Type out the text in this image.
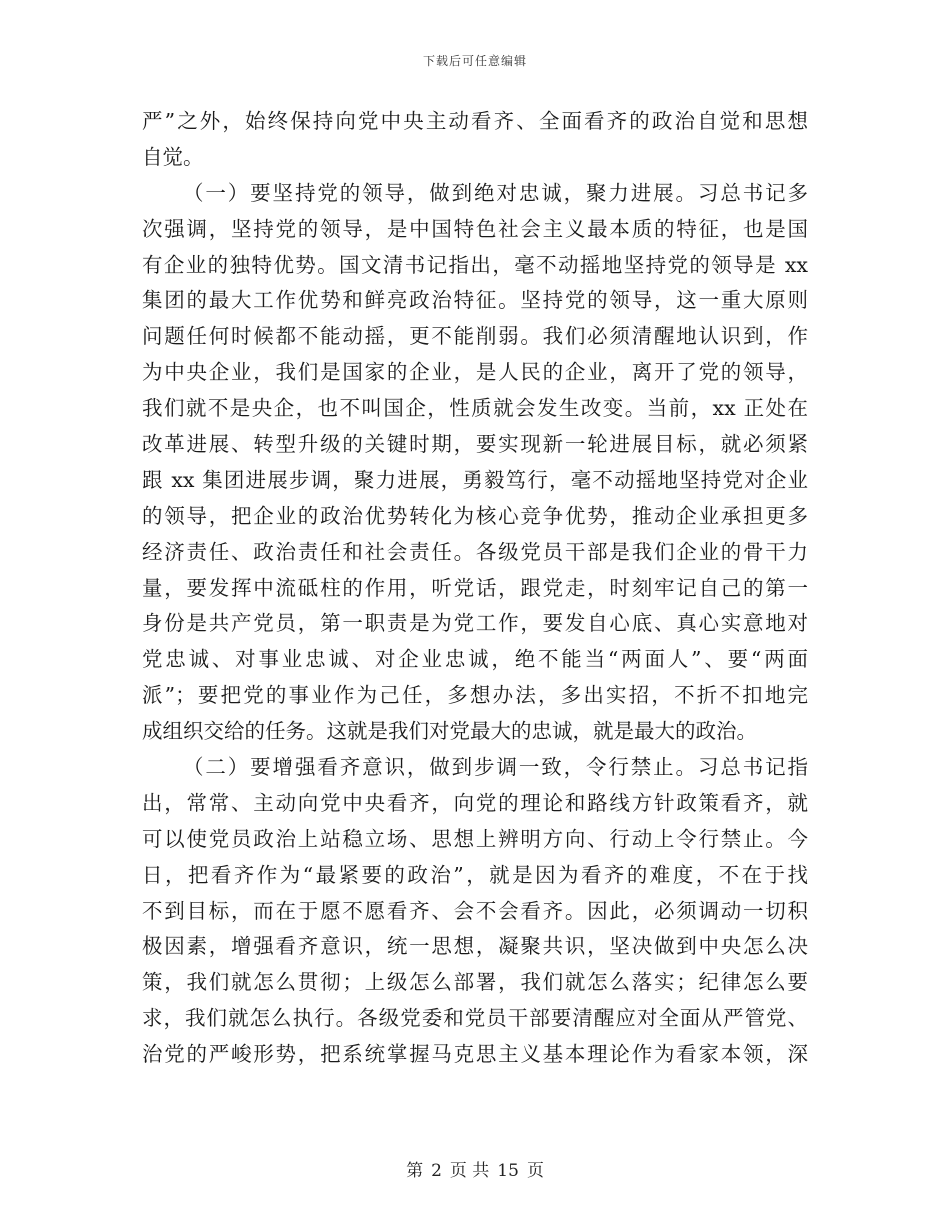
下载后可任意编辑
严”之外，始终保持向党中央主动看齐、全面看齐的政治自觉和思想
自觉。
（一）要坚持党的领导，做到绝对忠诚，聚力进展。习总书记多
次强调，坚持党的领导，是中国特色社会主义最本质的特征，也是国
有企业的独特优势。国文清书记指出，毫不动摇地坚持党的领导是 xx
集团的最大工作优势和鲜亮政治特征。坚持党的领导，这一重大原则
问题任何时候都不能动摇，更不能削弱。我们必须清醒地认识到，作
为中央企业，我们是国家的企业，是人民的企业，离开了党的领导，
我们就不是央企，也不叫国企，性质就会发生改变。当前，xx 正处在
改革进展、转型升级的关键时期，要实现新一轮进展目标，就必须紧
跟 xx 集团进展步调，聚力进展，勇毅笃行，毫不动摇地坚持党对企业
的领导，把企业的政治优势转化为核心竞争优势，推动企业承担更多
经济责任、政治责任和社会责任。各级党员干部是我们企业的骨干力
量，要发挥中流砥柱的作用，听党话，跟党走，时刻牢记自己的第一
身份是共产党员，第一职责是为党工作，要发自心底、真心实意地对
党忠诚、对事业忠诚、对企业忠诚，绝不能当“两面人”、要“两面
派”；要把党的事业作为己任，多想办法，多出实招，不折不扣地完
成组织交给的任务。这就是我们对党最大的忠诚，就是最大的政治。
（二）要增强看齐意识，做到步调一致，令行禁止。习总书记指
出，常常、主动向党中央看齐，向党的理论和路线方针政策看齐，就
可以使党员政治上站稳立场、思想上辨明方向、行动上令行禁止。今
日，把看齐作为“最紧要的政治”，就是因为看齐的难度，不在于找
不到目标，而在于愿不愿看齐、会不会看齐。因此，必须调动一切积
极因素，增强看齐意识，统一思想，凝聚共识，坚决做到中央怎么决
策，我们就怎么贯彻；上级怎么部署，我们就怎么落实；纪律怎么要
求，我们就怎么执行。各级党委和党员干部要清醒应对全面从严管党、
治党的严峻形势，把系统掌握马克思主义基本理论作为看家本领，深
第 2 页 共 15 页
